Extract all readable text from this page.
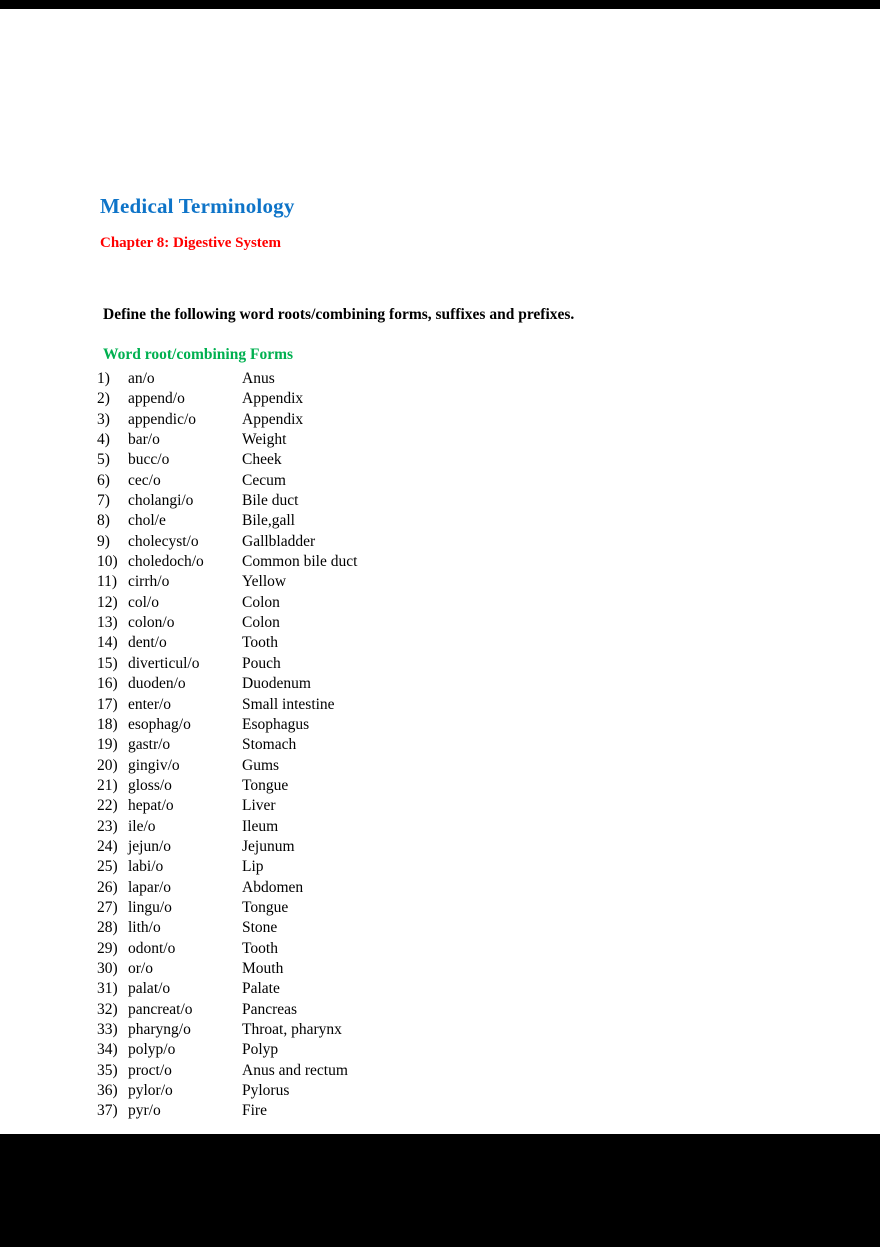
Medical Terminology
Chapter 8: Digestive System

Define the following word roots/combining forms, suffixes and prefixes.

Word root/combining Forms
1)	an/o	Anus
2)	append/o	Appendix
3)	appendic/o	Appendix
4)	bar/o	Weight
5)	bucc/o	Cheek
6)	cec/o	Cecum
7)	cholangi/o	Bile duct
8)	chol/e	Bile,gall
9)	cholecyst/o	Gallbladder
10) choledoch/o	Common bile duct
11) cirrh/o	Yellow
12) col/o	Colon
13) colon/o	Colon
14) dent/o	Tooth
15) diverticul/o	Pouch
16) duoden/o	Duodenum
17) enter/o	Small intestine
18) esophag/o	Esophagus
19) gastr/o	Stomach
20) gingiv/o	Gums
21) gloss/o	Tongue
22) hepat/o	Liver
23) ile/o	Ileum
24) jejun/o	Jejunum
25) labi/o	Lip
26) lapar/o	Abdomen
27) lingu/o	Tongue
28) lith/o	Stone
29) odont/o	Tooth
30) or/o	Mouth
31) palat/o	Palate
32) pancreat/o	Pancreas
33) pharyng/o	Throat, pharynx
34) polyp/o	Polyp
35) proct/o	Anus and rectum
36) pylor/o	Pylorus
37) pyr/o	Fire
